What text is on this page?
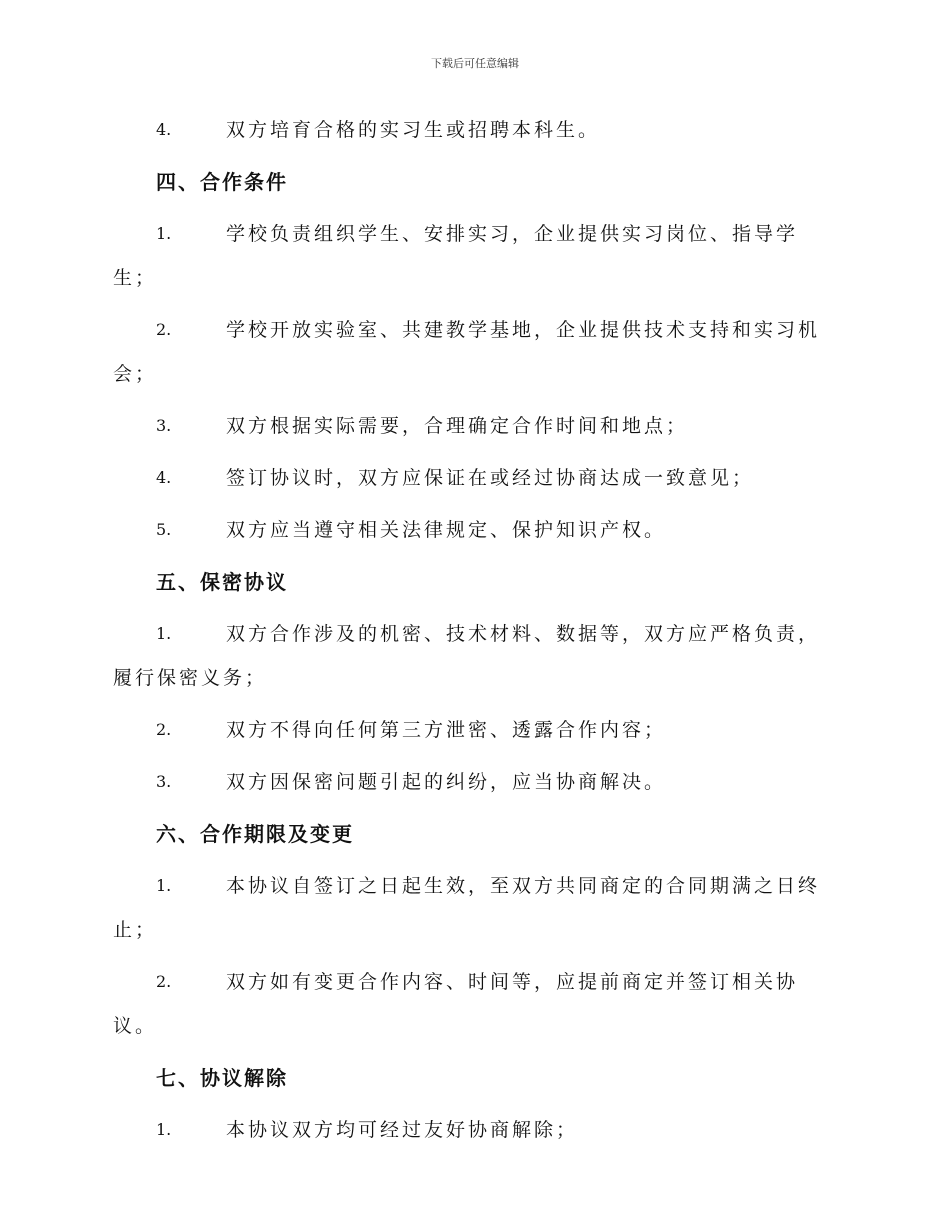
下载后可任意编辑
4.	双方培育合格的实习生或招聘本科生。
四、合作条件
1.	学校负责组织学生、安排实习，企业提供实习岗位、指导学生；
2.	学校开放实验室、共建教学基地，企业提供技术支持和实习机会；
3.	双方根据实际需要，合理确定合作时间和地点；
4.	签订协议时，双方应保证在或经过协商达成一致意见；
5.	双方应当遵守相关法律规定、保护知识产权。
五、保密协议
1.	双方合作涉及的机密、技术材料、数据等，双方应严格负责，履行保密义务；
2.	双方不得向任何第三方泄密、透露合作内容；
3.	双方因保密问题引起的纠纷，应当协商解决。
六、合作期限及变更
1.	本协议自签订之日起生效，至双方共同商定的合同期满之日终止；
2.	双方如有变更合作内容、时间等，应提前商定并签订相关协议。
七、协议解除
1.	本协议双方均可经过友好协商解除；
